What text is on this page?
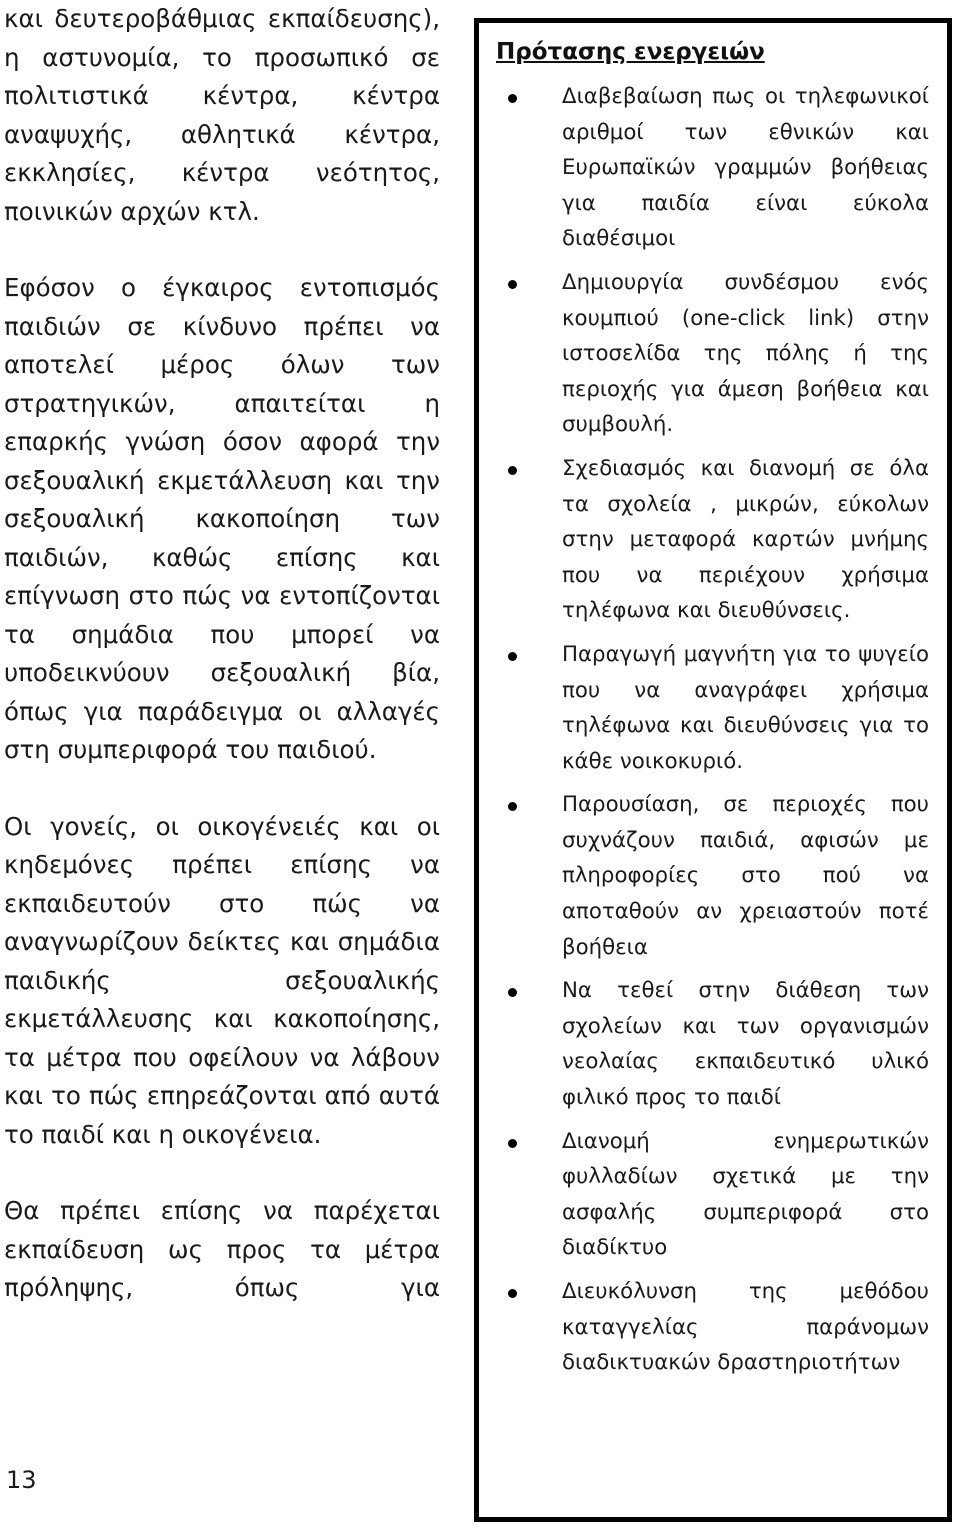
και δευτεροβάθμιας εκπαίδευσης), η αστυνομία, το προσωπικό σε πολιτιστικά κέντρα, κέντρα αναψυχής, αθλητικά κέντρα, εκκλησίες, κέντρα νεότητος, ποινικών αρχών κτλ.

Εφόσον ο έγκαιρος εντοπισμός παιδιών σε κίνδυνο πρέπει να αποτελεί μέρος όλων των στρατηγικών, απαιτείται η επαρκής γνώση όσον αφορά την σεξουαλική εκμετάλλευση και την σεξουαλική κακοποίηση των παιδιών, καθώς επίσης και επίγνωση στο πώς να εντοπίζονται τα σημάδια που μπορεί να υποδεικνύουν σεξουαλική βία, όπως για παράδειγμα οι αλλαγές στη συμπεριφορά του παιδιού.

Οι γονείς, οι οικογένειές και οι κηδεμόνες πρέπει επίσης να εκπαιδευτούν στο πώς να αναγνωρίζουν δείκτες και σημάδια παιδικής σεξουαλικής εκμετάλλευσης και κακοποίησης, τα μέτρα που οφείλουν να λάβουν και το πώς επηρεάζονται από αυτά το παιδί και η οικογένεια.

Θα πρέπει επίσης να παρέχεται εκπαίδευση ως προς τα μέτρα πρόληψης, όπως για

13
Πρότασης ενεργειών
Διαβεβαίωση πως οι τηλεφωνικοί αριθμοί των εθνικών και Ευρωπαϊκών γραμμών βοήθειας για παιδία είναι εύκολα διαθέσιμοι
Δημιουργία συνδέσμου ενός κουμπιού (one-click link) στην ιστοσελίδα της πόλης ή της περιοχής για άμεση βοήθεια και συμβουλή.
Σχεδιασμός και διανομή σε όλα τα σχολεία , μικρών, εύκολων στην μεταφορά καρτών μνήμης που να περιέχουν χρήσιμα τηλέφωνα και διευθύνσεις.
Παραγωγή μαγνήτη για το ψυγείο που να αναγράφει χρήσιμα τηλέφωνα και διευθύνσεις για το κάθε νοικοκυριό.
Παρουσίαση, σε περιοχές που συχνάζουν παιδιά, αφισών με πληροφορίες στο πού να αποταθούν αν χρειαστούν ποτέ βοήθεια
Να τεθεί στην διάθεση των σχολείων και των οργανισμών νεολαίας εκπαιδευτικό υλικό φιλικό προς το παιδί
Διανομή ενημερωτικών φυλλαδίων σχετικά με την ασφαλής συμπεριφορά στο διαδίκτυο
Διευκόλυνση της μεθόδου καταγγελίας παράνομων διαδικτυακών δραστηριοτήτων
